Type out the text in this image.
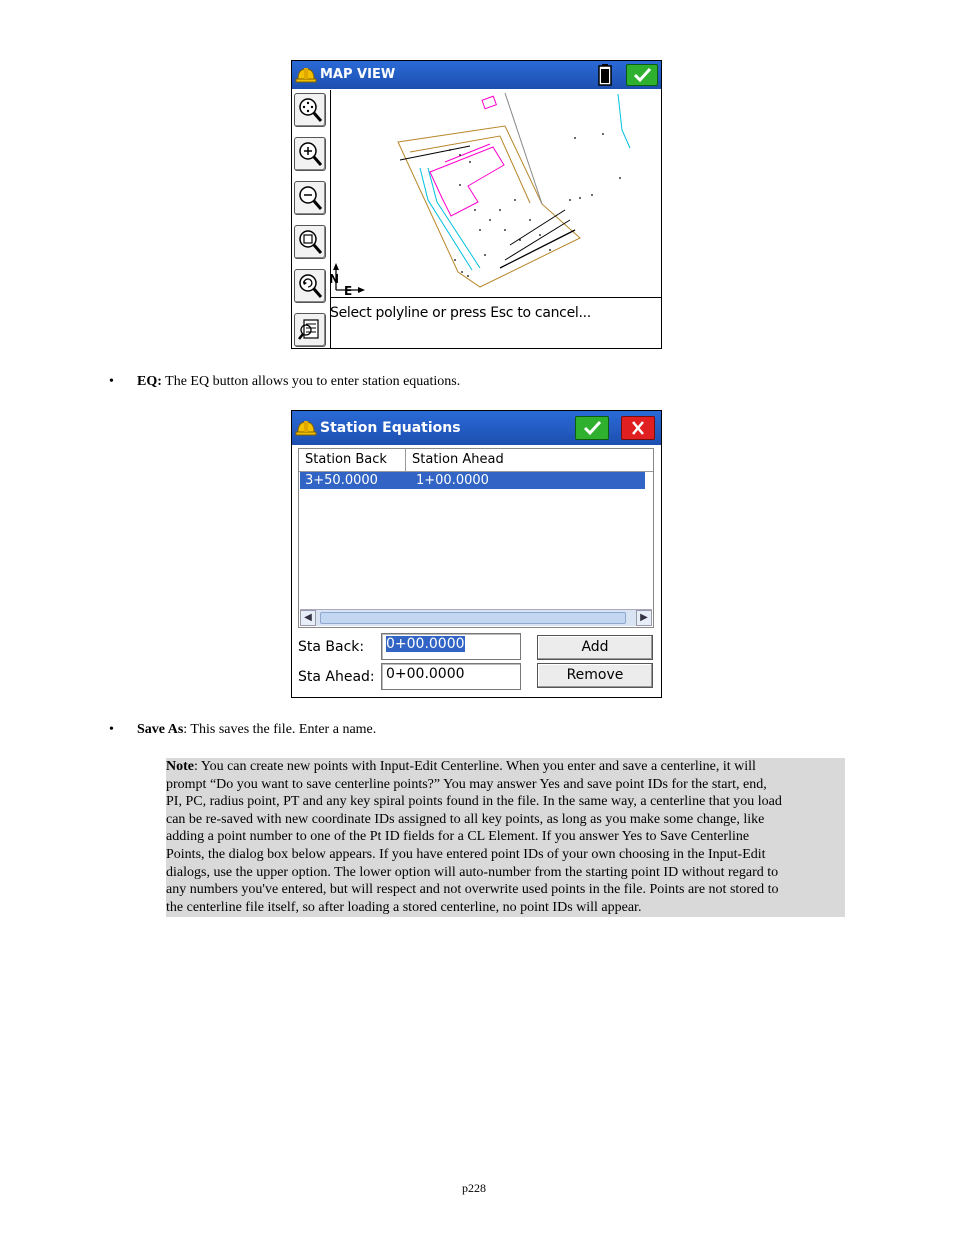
MAP VIEW
N
E
Select polyline or press Esc to cancel...
• EQ: The EQ button allows you to enter station equations.
Station Equations
Station Back Station Ahead
3+50.0000	1+00.0000
◀	▶
Sta Back:	0+00.0000	Add
Sta Ahead: 0+00.0000	Remove
• Save As: This saves the file. Enter a name.
Note: You can create new points with Input-Edit Centerline. When you enter and save a centerline, it will
prompt “Do you want to save centerline points?” You may answer Yes and save point IDs for the start, end,
PI, PC, radius point, PT and any key spiral points found in the file. In the same way, a centerline that you load
can be re-saved with new coordinate IDs assigned to all key points, as long as you make some change, like
adding a point number to one of the Pt ID fields for a CL Element. If you answer Yes to Save Centerline
Points, the dialog box below appears. If you have entered point IDs of your own choosing in the Input-Edit
dialogs, use the upper option. The lower option will auto-number from the starting point ID without regard to
any numbers you've entered, but will respect and not overwrite used points in the file. Points are not stored to
the centerline file itself, so after loading a stored centerline, no point IDs will appear.
p228
